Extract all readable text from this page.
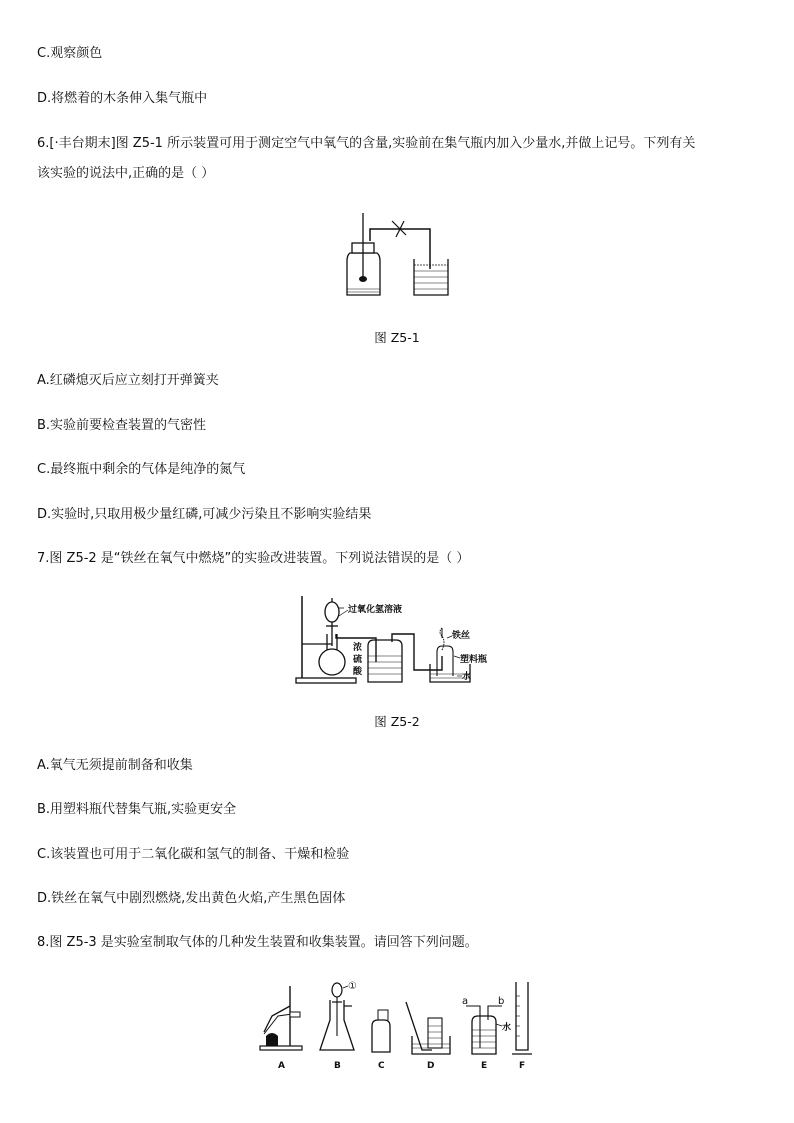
C.观察颜色
D.将燃着的木条伸入集气瓶中
6.[·丰台期末]图 Z5-1 所示装置可用于测定空气中氧气的含量,实验前在集气瓶内加入少量水,并做上记号。下列有关
该实验的说法中,正确的是（ ）
图 Z5-1
A.红磷熄灭后应立刻打开弹簧夹
B.实验前要检查装置的气密性
C.最终瓶中剩余的气体是纯净的氮气
D.实验时,只取用极少量红磷,可减少污染且不影响实验结果
7.图 Z5-2 是“铁丝在氧气中燃烧”的实验改进装置。下列说法错误的是（ ）
过氧化氢溶液
浓
硫
酸
铁丝
塑料瓶
水
图 Z5-2
A.氧气无须提前制备和收集
B.用塑料瓶代替集气瓶,实验更安全
C.该装置也可用于二氧化碳和氢气的制备、干燥和检验
D.铁丝在氧气中剧烈燃烧,发出黄色火焰,产生黑色固体
8.图 Z5-3 是实验室制取气体的几种发生装置和收集装置。请回答下列问题。
①
a	b
水
A	B	C	D	E	F
